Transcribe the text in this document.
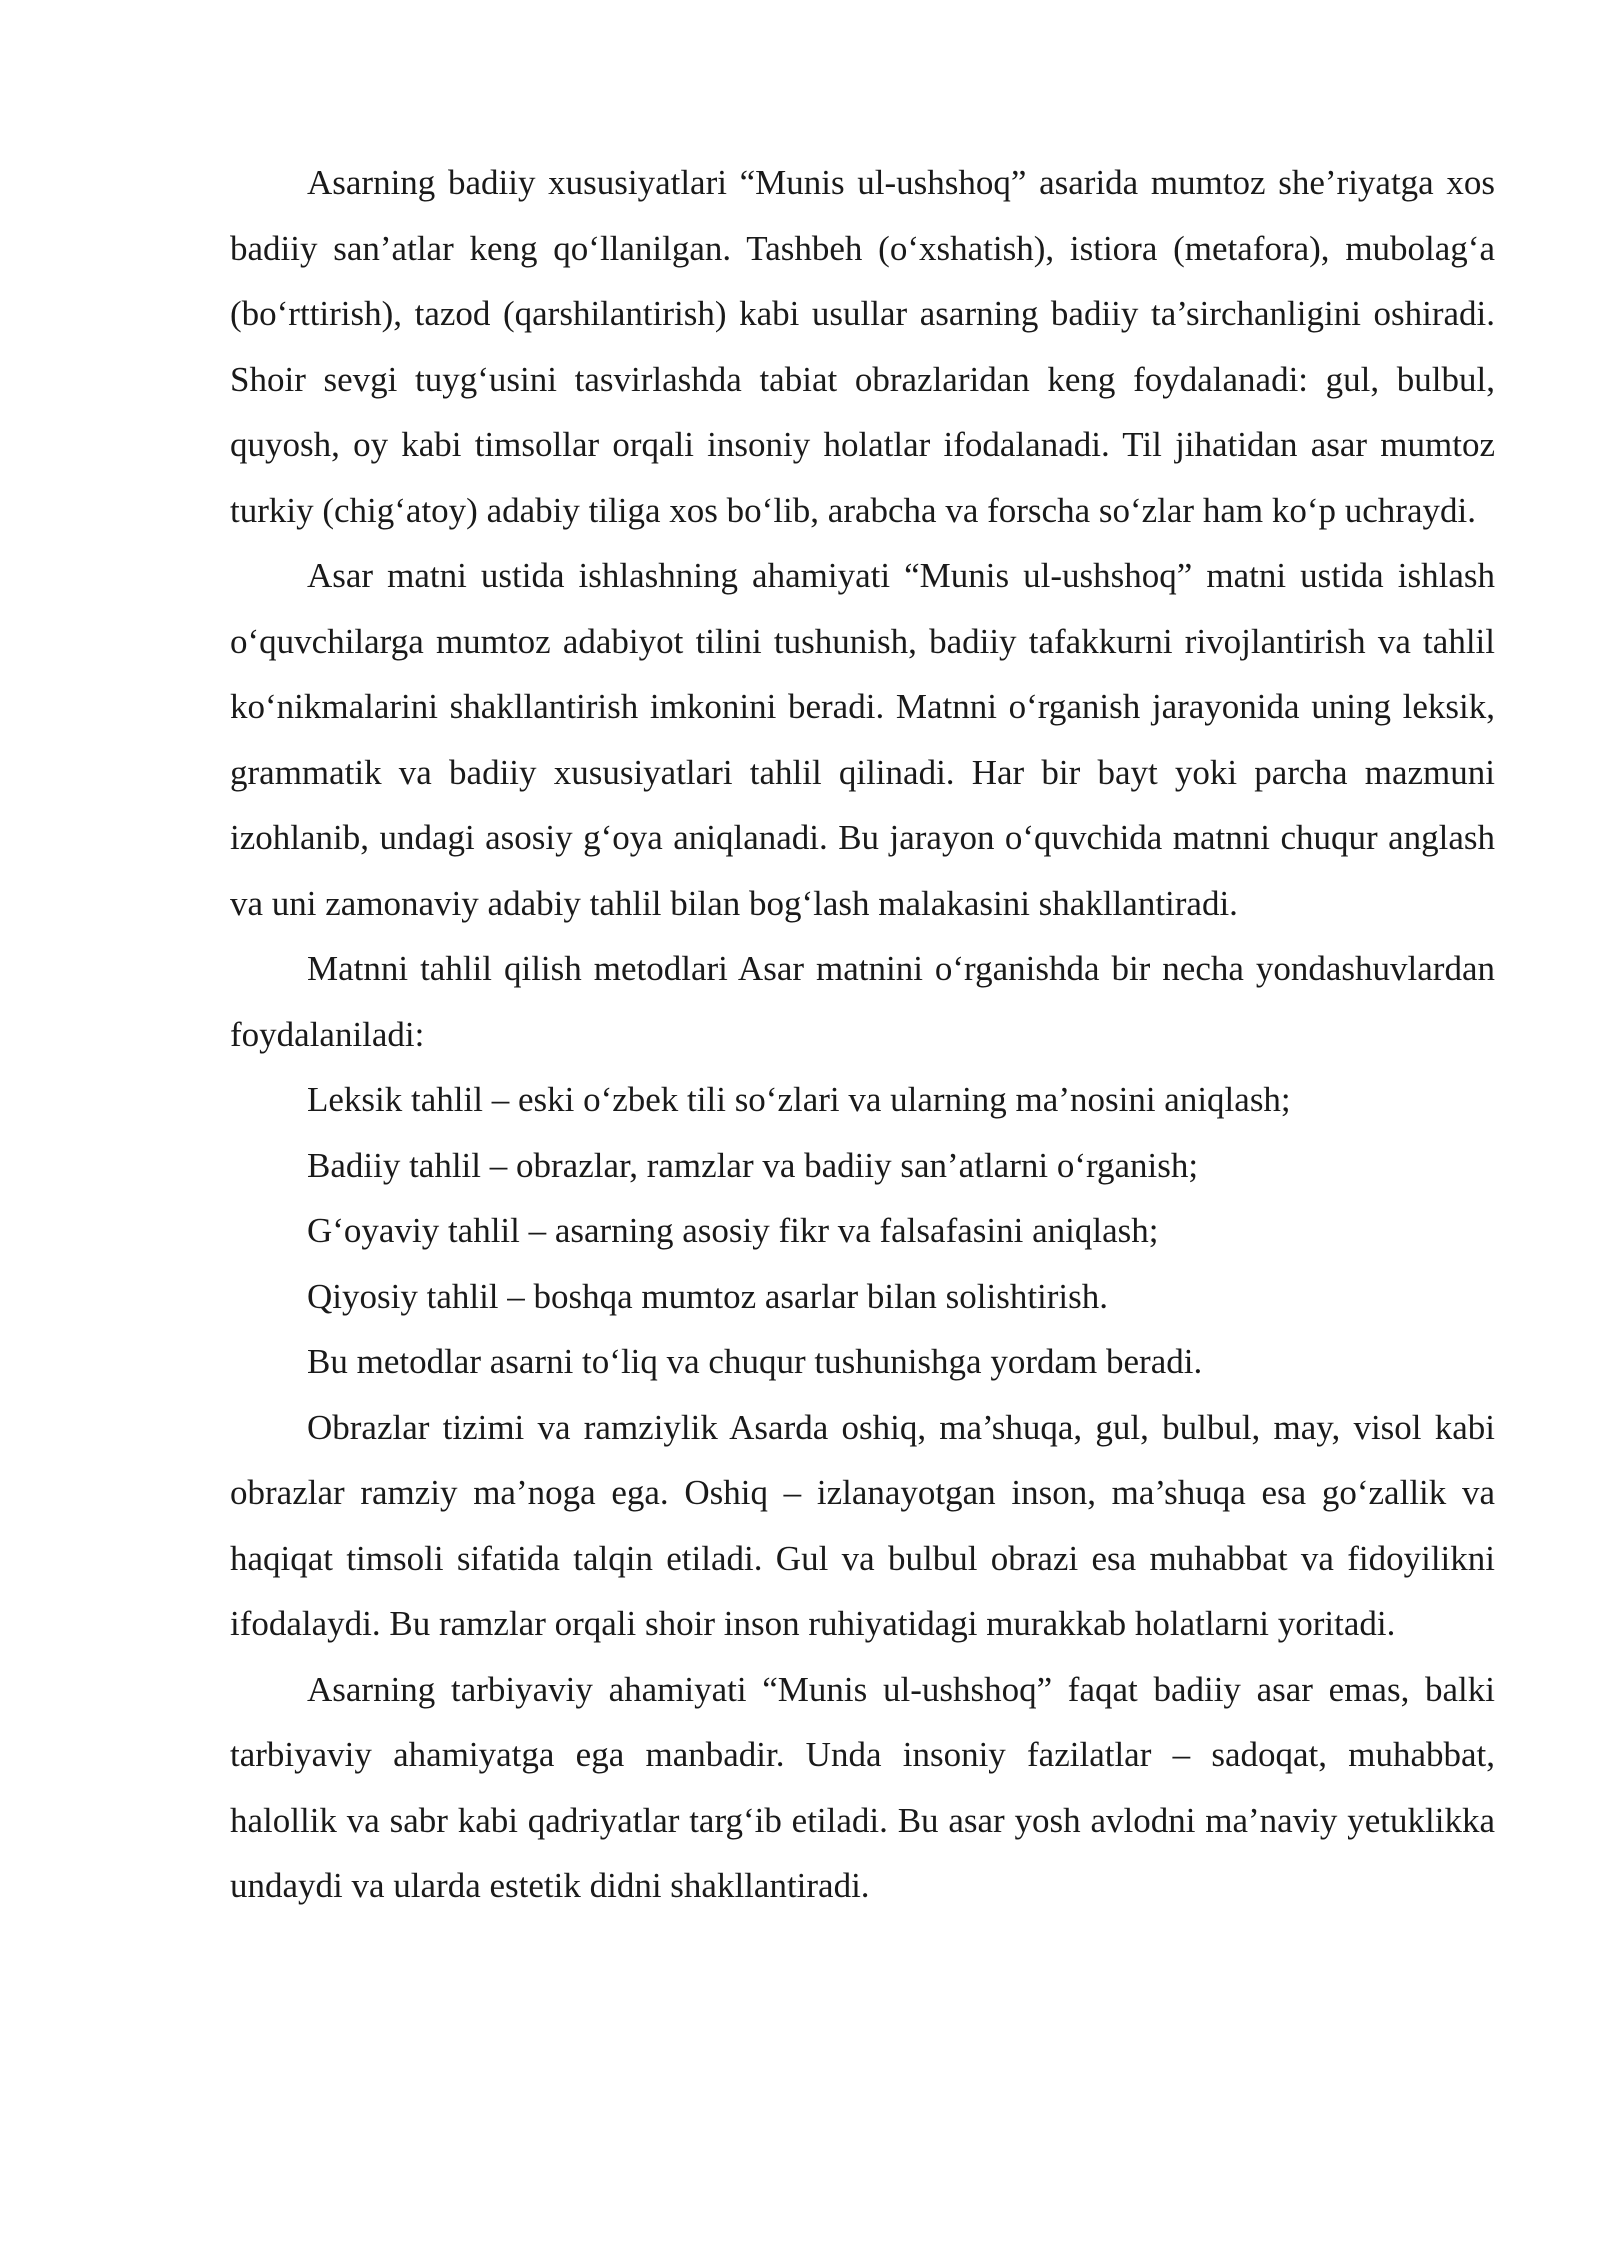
Asarning badiiy xususiyatlari “Munis ul-ushshoq” asarida mumtoz she’riyatga xos badiiy san’atlar keng qo‘llanilgan. Tashbeh (o‘xshatish), istiora (metafora), mubolag‘a (bo‘rttirish), tazod (qarshilantirish) kabi usullar asarning badiiy ta’sirchanligini oshiradi. Shoir sevgi tuyg‘usini tasvirlashda tabiat obrazlaridan keng foydalanadi: gul, bulbul, quyosh, oy kabi timsollar orqali insoniy holatlar ifodalanadi. Til jihatidan asar mumtoz turkiy (chig‘atoy) adabiy tiliga xos bo‘lib, arabcha va forscha so‘zlar ham ko‘p uchraydi.

Asar matni ustida ishlashning ahamiyati “Munis ul-ushshoq” matni ustida ishlash o‘quvchilarga mumtoz adabiyot tilini tushunish, badiiy tafakkurni rivojlantirish va tahlil ko‘nikmalarini shakllantirish imkonini beradi. Matnni o‘rganish jarayonida uning leksik, grammatik va badiiy xususiyatlari tahlil qilinadi. Har bir bayt yoki parcha mazmuni izohlanib, undagi asosiy g‘oya aniqlanadi. Bu jarayon o‘quvchida matnni chuqur anglash va uni zamonaviy adabiy tahlil bilan bog‘lash malakasini shakllantiradi.

Matnni tahlil qilish metodlari Asar matnini o‘rganishda bir necha yondashuvlardan foydalaniladi:

Leksik tahlil – eski o‘zbek tili so‘zlari va ularning ma’nosini aniqlash;

Badiiy tahlil – obrazlar, ramzlar va badiiy san’atlarni o‘rganish;

G‘oyaviy tahlil – asarning asosiy fikr va falsafasini aniqlash;

Qiyosiy tahlil – boshqa mumtoz asarlar bilan solishtirish.

Bu metodlar asarni to‘liq va chuqur tushunishga yordam beradi.

Obrazlar tizimi va ramziylik Asarda oshiq, ma’shuqa, gul, bulbul, may, visol kabi obrazlar ramziy ma’noga ega. Oshiq – izlanayotgan inson, ma’shuqa esa go‘zallik va haqiqat timsoli sifatida talqin etiladi. Gul va bulbul obrazi esa muhabbat va fidoyilikni ifodalaydi. Bu ramzlar orqali shoir inson ruhiyatidagi murakkab holatlarni yoritadi.

Asarning tarbiyaviy ahamiyati “Munis ul-ushshoq” faqat badiiy asar emas, balki tarbiyaviy ahamiyatga ega manbadir. Unda insoniy fazilatlar – sadoqat, muhabbat, halollik va sabr kabi qadriyatlar targ‘ib etiladi. Bu asar yosh avlodni ma’naviy yetuklikka undaydi va ularda estetik didni shakllantiradi.
